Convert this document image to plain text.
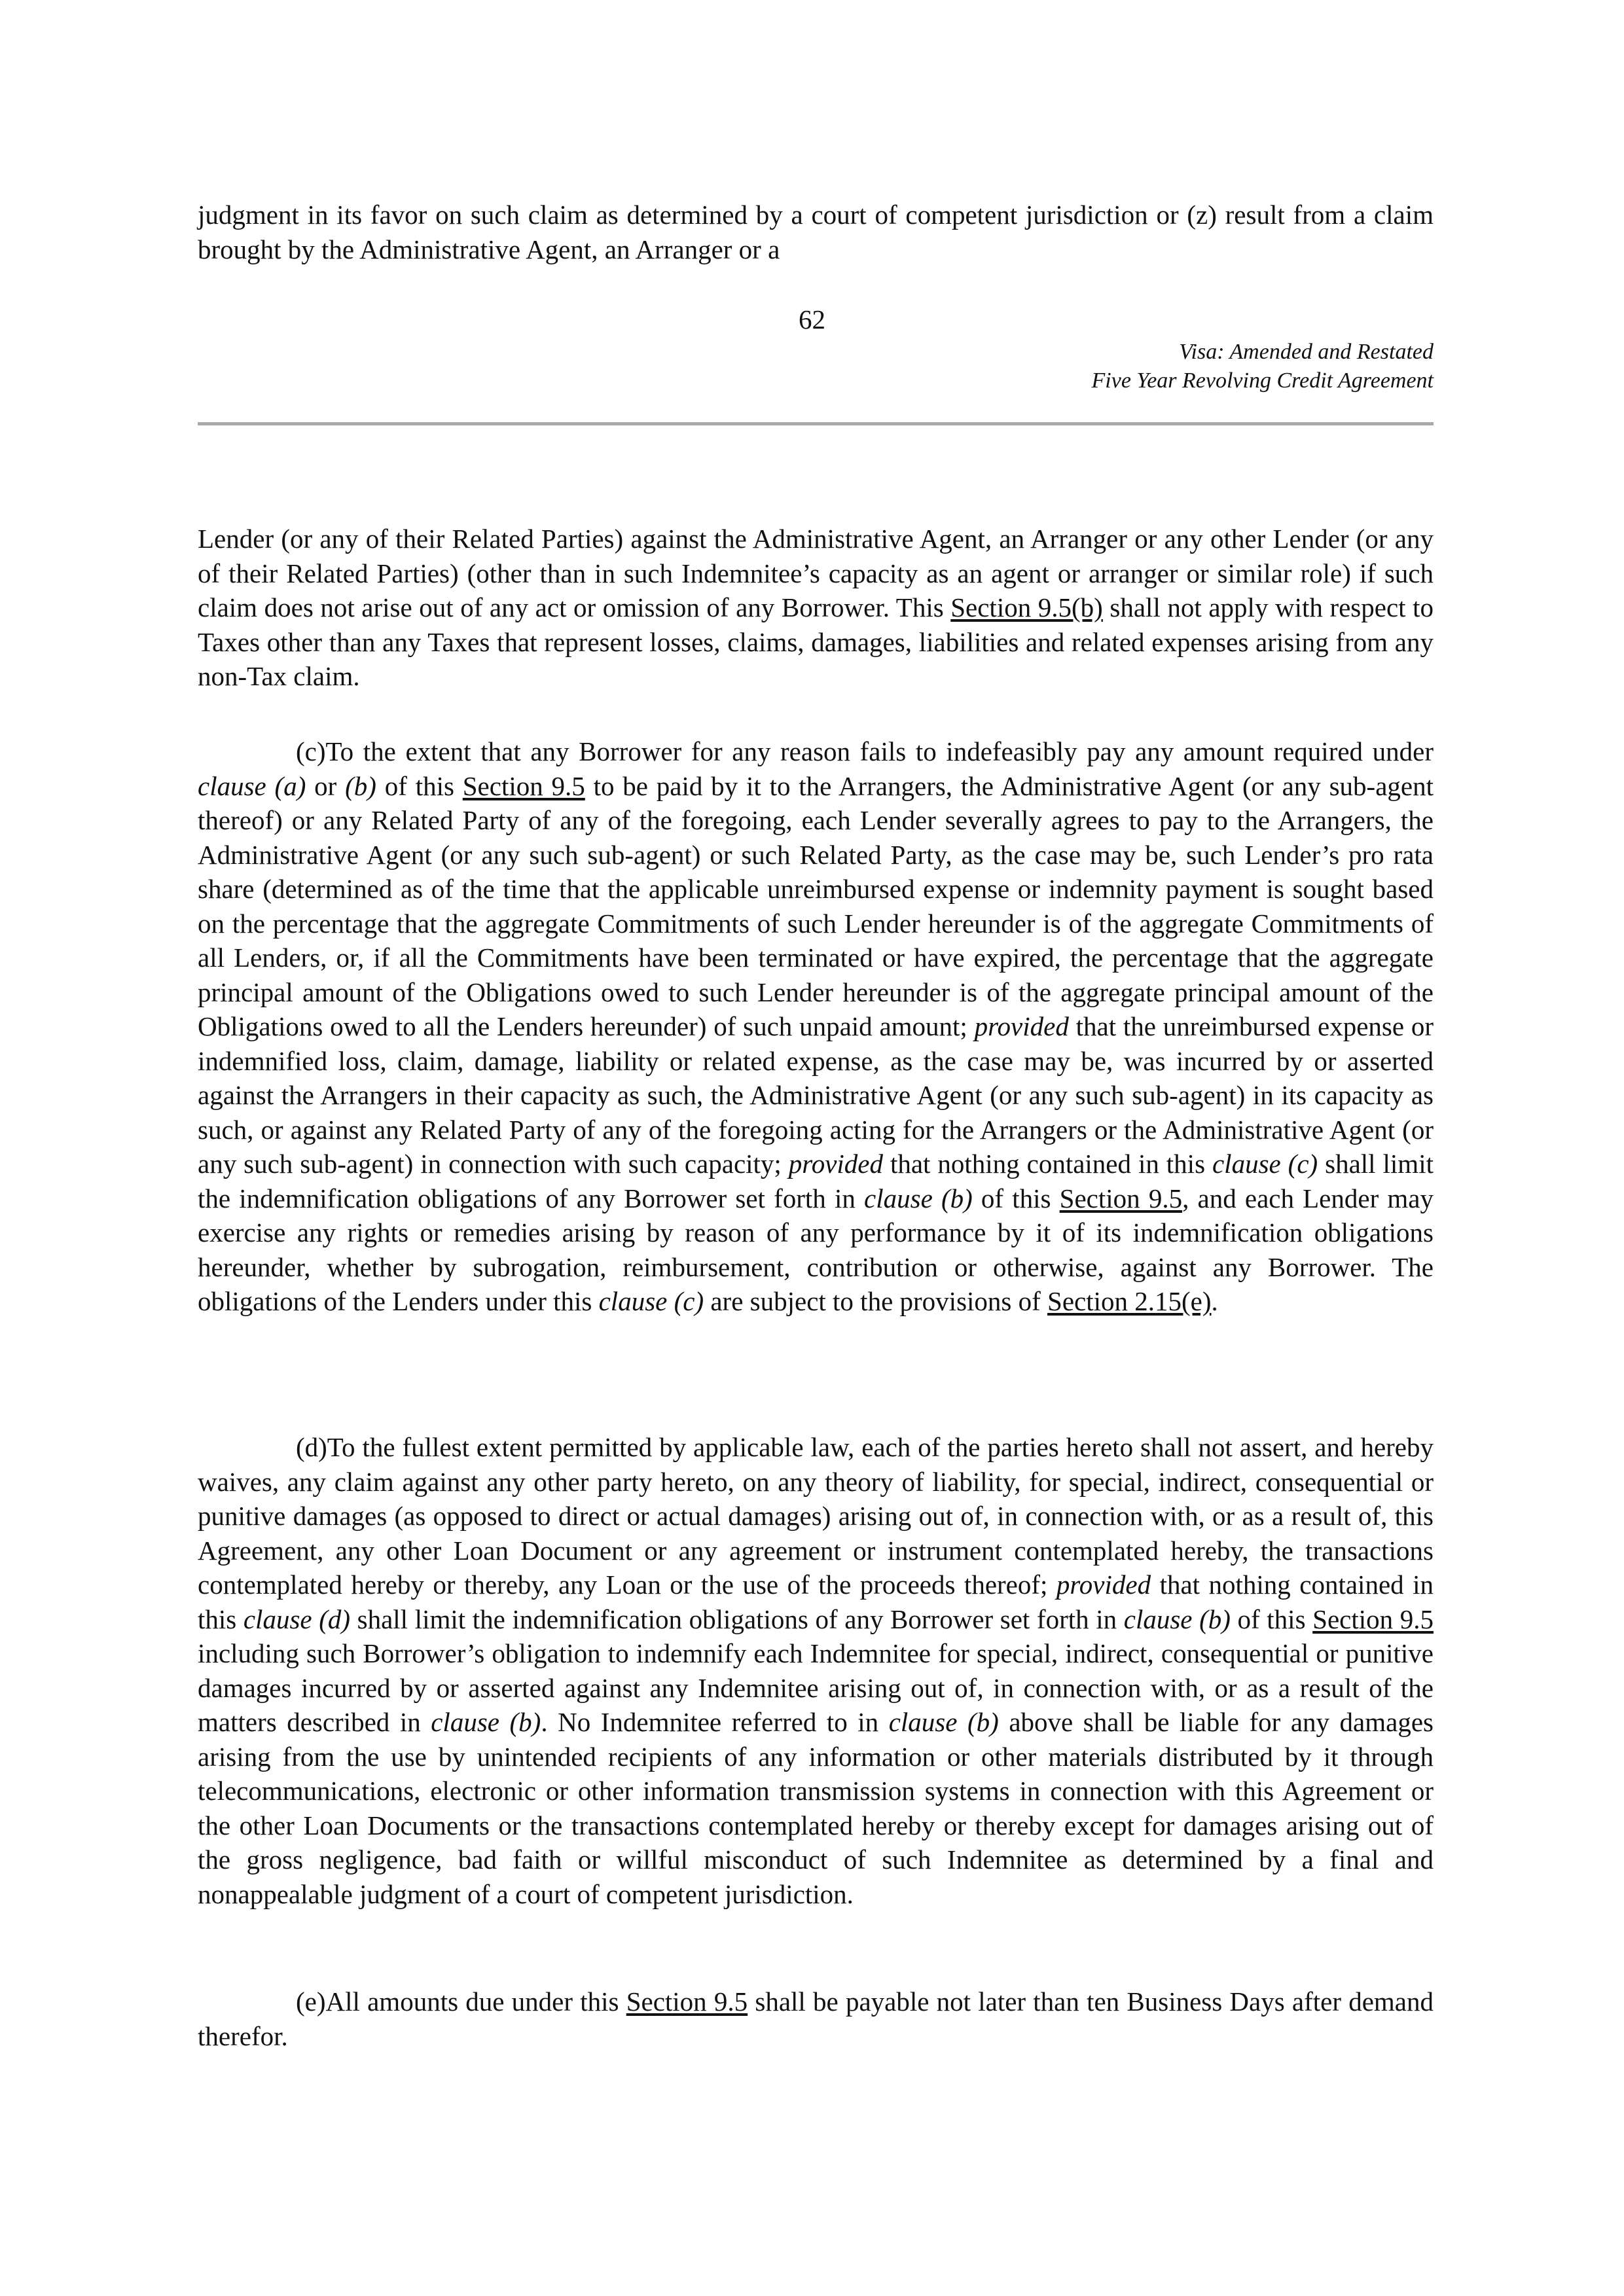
judgment in its favor on such claim as determined by a court of competent jurisdiction or (z) result from a claim brought by the Administrative Agent, an Arranger or a

62
Visa: Amended and Restated
Five Year Revolving Credit Agreement

Lender (or any of their Related Parties) against the Administrative Agent, an Arranger or any other Lender (or any of their Related Parties) (other than in such Indemnitee’s capacity as an agent or arranger or similar role) if such claim does not arise out of any act or omission of any Borrower. This Section 9.5(b) shall not apply with respect to Taxes other than any Taxes that represent losses, claims, damages, liabilities and related expenses arising from any non-Tax claim.

(c)To the extent that any Borrower for any reason fails to indefeasibly pay any amount required under clause (a) or (b) of this Section 9.5 to be paid by it to the Arrangers, the Administrative Agent (or any sub-agent thereof) or any Related Party of any of the foregoing, each Lender severally agrees to pay to the Arrangers, the Administrative Agent (or any such sub-agent) or such Related Party, as the case may be, such Lender’s pro rata share (determined as of the time that the applicable unreimbursed expense or indemnity payment is sought based on the percentage that the aggregate Commitments of such Lender hereunder is of the aggregate Commitments of all Lenders, or, if all the Commitments have been terminated or have expired, the percentage that the aggregate principal amount of the Obligations owed to such Lender hereunder is of the aggregate principal amount of the Obligations owed to all the Lenders hereunder) of such unpaid amount; provided that the unreimbursed expense or indemnified loss, claim, damage, liability or related expense, as the case may be, was incurred by or asserted against the Arrangers in their capacity as such, the Administrative Agent (or any such sub-agent) in its capacity as such, or against any Related Party of any of the foregoing acting for the Arrangers or the Administrative Agent (or any such sub-agent) in connection with such capacity; provided that nothing contained in this clause (c) shall limit the indemnification obligations of any Borrower set forth in clause (b) of this Section 9.5, and each Lender may exercise any rights or remedies arising by reason of any performance by it of its indemnification obligations hereunder, whether by subrogation, reimbursement, contribution or otherwise, against any Borrower. The obligations of the Lenders under this clause (c) are subject to the provisions of Section 2.15(e).

(d)To the fullest extent permitted by applicable law, each of the parties hereto shall not assert, and hereby waives, any claim against any other party hereto, on any theory of liability, for special, indirect, consequential or punitive damages (as opposed to direct or actual damages) arising out of, in connection with, or as a result of, this Agreement, any other Loan Document or any agreement or instrument contemplated hereby, the transactions contemplated hereby or thereby, any Loan or the use of the proceeds thereof; provided that nothing contained in this clause (d) shall limit the indemnification obligations of any Borrower set forth in clause (b) of this Section 9.5 including such Borrower’s obligation to indemnify each Indemnitee for special, indirect, consequential or punitive damages incurred by or asserted against any Indemnitee arising out of, in connection with, or as a result of the matters described in clause (b). No Indemnitee referred to in clause (b) above shall be liable for any damages arising from the use by unintended recipients of any information or other materials distributed by it through telecommunications, electronic or other information transmission systems in connection with this Agreement or the other Loan Documents or the transactions contemplated hereby or thereby except for damages arising out of the gross negligence, bad faith or willful misconduct of such Indemnitee as determined by a final and nonappealable judgment of a court of competent jurisdiction.

(e)All amounts due under this Section 9.5 shall be payable not later than ten Business Days after demand therefor.
